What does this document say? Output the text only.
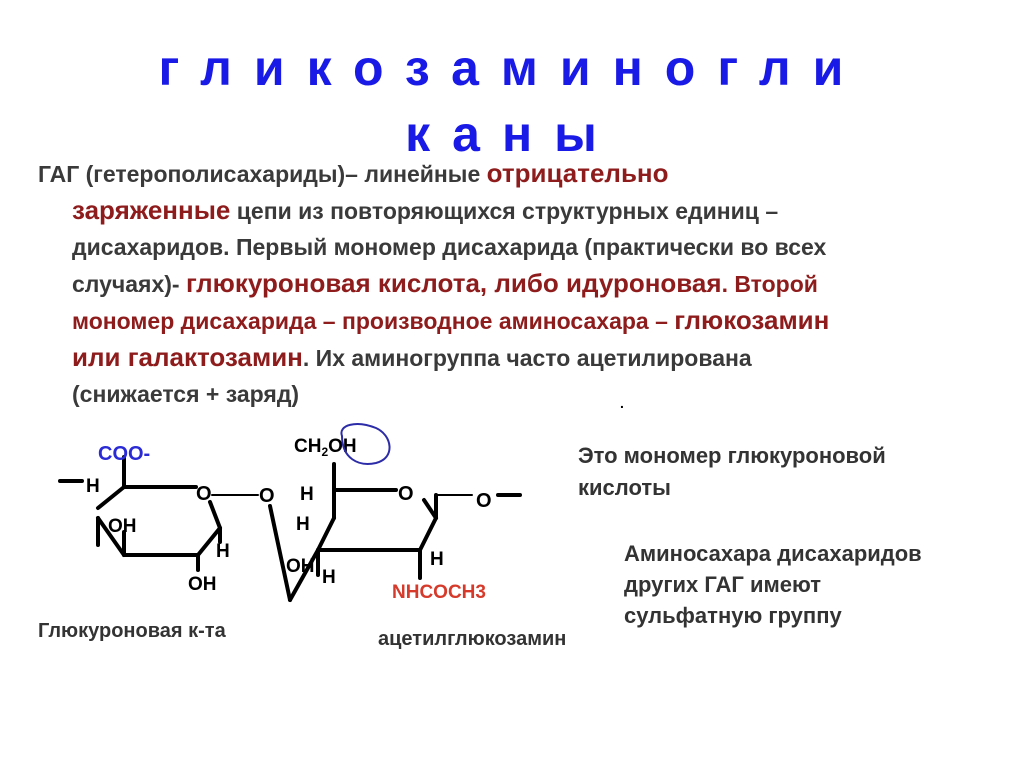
гликозаминогли
каны
ГАГ (гетерополисахариды)– линейные отрицательно
заряженные цепи из повторяющихся структурных единиц –
дисахаридов. Первый мономер дисахарида (практически во всех
случаях)- глюкуроновая кислота, либо идуроновая. Второй
мономер дисахарида – производное аминосахара – глюкозамин
или галактозамин. Их аминогруппа часто ацетилирована
(снижается + заряд)
COO-
H	O
OH
H
OH
O
$CH_2OH$
H	O	O
H
OH
H
H
NHCOCH3
.
Это мономер глюкуроновой
кислоты
Аминосахара дисахаридов
других ГАГ имеют
сульфатную группу
Глюкуроновая к-та	ацетилглюкозамин
